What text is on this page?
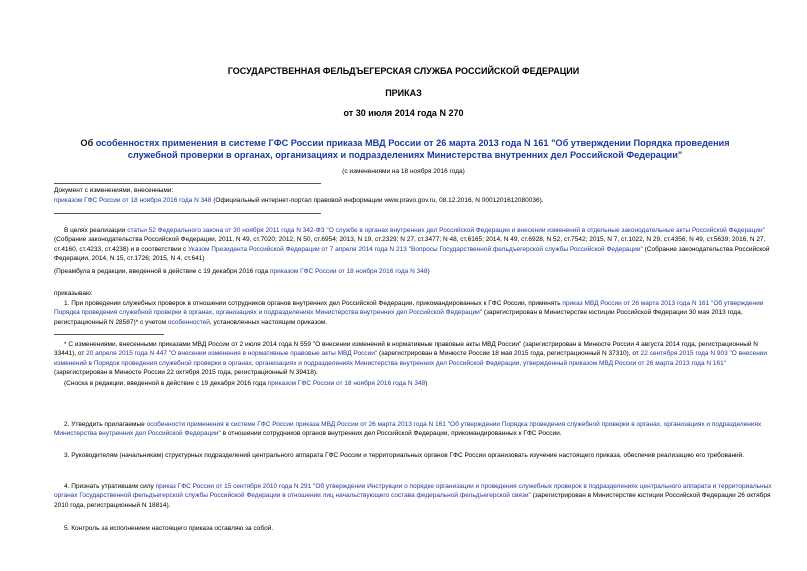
ГОСУДАРСТВЕННАЯ ФЕЛЬДЪЕГЕРСКАЯ СЛУЖБА РОССИЙСКОЙ ФЕДЕРАЦИИ
ПРИКАЗ
от 30 июля 2014 года N 270
Об особенностях применения в системе ГФС России приказа МВД России от 26 марта 2013 года N 161 "Об утверждении Порядка проведения служебной проверки в органах, организациях и подразделениях Министерства внутренних дел Российской Федерации"
(с изменениями на 18 ноября 2016 года)
Документ с изменениями, внесенными:
приказом ГФС России от 18 ноября 2016 года N 348 (Официальный интернет-портал правовой информации www.pravo.gov.ru, 08.12.2016, N 0001201612080036).
В целях реализации статьи 52 Федерального закона от 30 ноября 2011 года N 342-ФЗ "О службе в органах внутренних дел Российской Федерации и внесении изменений в отдельные законодательные акты Российской Федерации" (Собрание законодательства Российской Федерации, 2011, N 49, ст.7020; 2012, N 50, ст.6954; 2013, N 19, ст.2329; N 27, ст.3477; N 48, ст.6165; 2014, N 49, ст.6928, N 52, ст.7542; 2015, N 7, ст.1022, N 29, ст.4356, N 49, ст.5639; 2016, N 27, ст.4160, ст.4233, ст.4238) и в соответствии с Указом Президента Российской Федерации от 7 апреля 2014 года N 213 "Вопросы Государственной фельдъегерской службы Российской Федерации" (Собрание законодательства Российской Федерации, 2014, N 15, ст.1726; 2015, N 4, ст.641)
(Преамбула в редакции, введенной в действие с 19 декабря 2016 года приказом ГФС России от 18 ноября 2016 года N 348)
приказываю:
1. При проведении служебных проверок в отношении сотрудников органов внутренних дел Российской Федерации, прикомандированных к ГФС России, применять приказ МВД России от 26 марта 2013 года N 161 "Об утверждении Порядка проведения служебной проверки в органах, организациях и подразделениях Министерства внутренних дел Российской Федерации" (зарегистрирован в Министерстве юстиции Российской Федерации 30 мая 2013 года, регистрационный N 28587)* с учетом особенностей, установленных настоящим приказом.
* С изменениями, внесенными приказами МВД России от 2 июля 2014 года N 559 "О внесении изменений в нормативные правовые акты МВД России" (зарегистрирован в Минюсте России 4 августа 2014 года, регистрационный N 33441), от 20 апреля 2015 года N 447 "О внесении изменения в нормативные правовые акты МВД России" (зарегистрирован в Минюсте России 18 мая 2015 года, регистрационный N 37310), от 22 сентября 2015 года N 903 "О внесении изменений в Порядок проведения служебной проверки в органах, организациях и подразделениях Министерства внутренних дел Российской Федерации, утвержденный приказом МВД России от 26 марта 2013 года N 161" (зарегистрирован в Минюсте России 22 октября 2015 года, регистрационный N 39418).
(Сноска в редакции, введенной в действие с 19 декабря 2016 года приказом ГФС России от 18 ноября 2016 года N 348)
2. Утвердить прилагаемые особенности применения в системе ГФС России приказа МВД России от 26 марта 2013 года N 161 "Об утверждении Порядка проведения служебной проверки в органах, организациях и подразделениях Министерства внутренних дел Российской Федерации" в отношении сотрудников органов внутренних дел Российской Федерации, прикомандированных к ГФС России.
3. Руководителям (начальникам) структурных подразделений центрального аппарата ГФС России и территориальных органов ГФС России организовать изучение настоящего приказа, обеспечив реализацию его требований.
4. Признать утратившим силу приказ ГФС России от 15 сентября 2010 года N 291 "Об утверждении Инструкции о порядке организации и проведения служебных проверок в подразделениях центрального аппарата и территориальных органах Государственной фельдъегерской службы Российской Федерации в отношении лиц начальствующего состава федеральной фельдъегерской связи" (зарегистрирован в Министерстве юстиции Российской Федерации 26 октября 2010 года, регистрационный N 18814).
5. Контроль за исполнением настоящего приказа оставляю за собой.
